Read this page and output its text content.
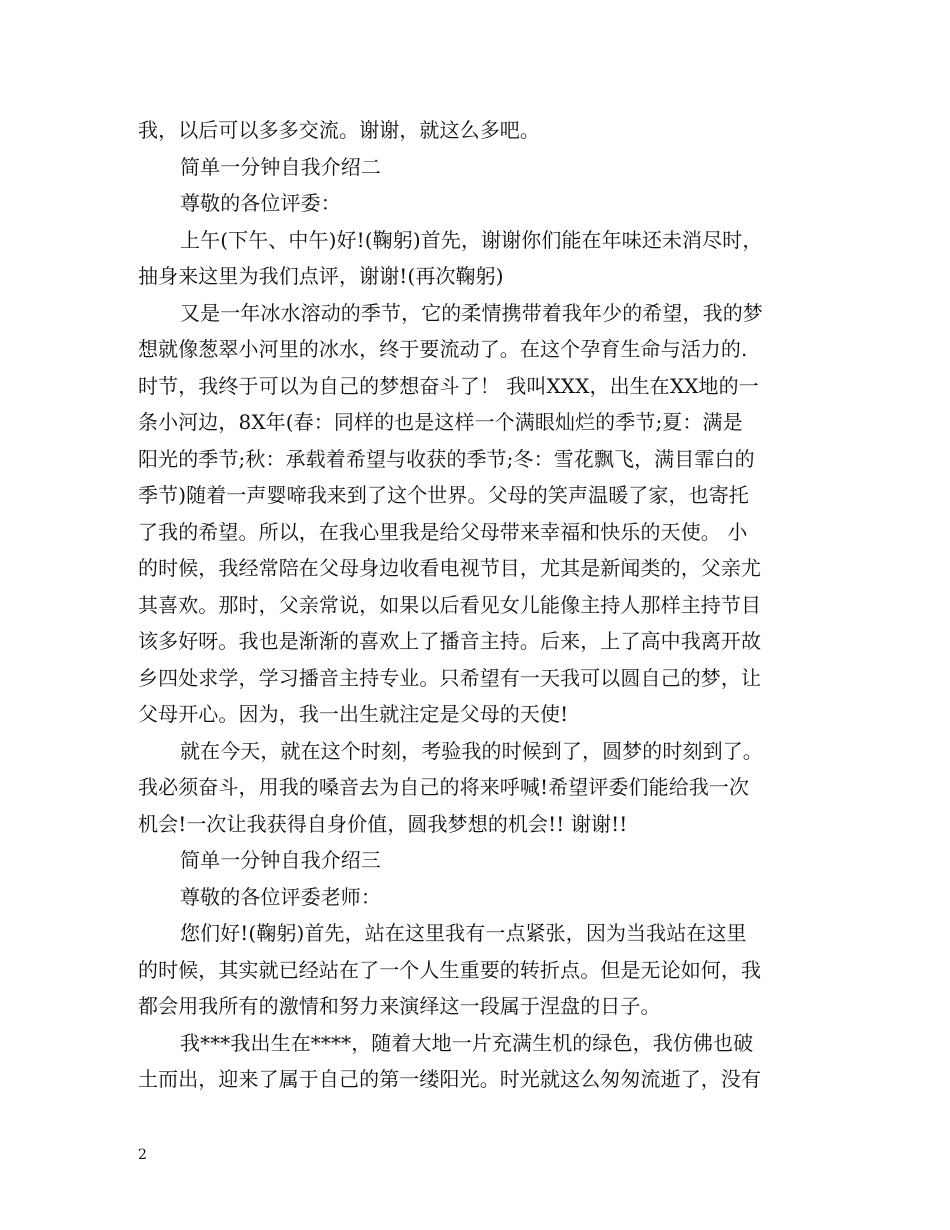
我，以后可以多多交流。谢谢，就这么多吧。
简单一分钟自我介绍二
尊敬的各位评委：
上午(下午、中午)好!(鞠躬)首先，谢谢你们能在年味还未消尽时，
抽身来这里为我们点评，谢谢!(再次鞠躬)
又是一年冰水溶动的季节，它的柔情携带着我年少的希望，我的梦
想就像葱翠小河里的冰水，终于要流动了。在这个孕育生命与活力的.
时节，我终于可以为自己的梦想奋斗了！ 我叫XXX，出生在XX地的一
条小河边，8X年(春：同样的也是这样一个满眼灿烂的季节;夏：满是
阳光的季节;秋：承载着希望与收获的季节;冬：雪花飘飞，满目霏白的
季节)随着一声婴啼我来到了这个世界。父母的笑声温暖了家，也寄托
了我的希望。所以，在我心里我是给父母带来幸福和快乐的天使。 小
的时候，我经常陪在父母身边收看电视节目，尤其是新闻类的，父亲尤
其喜欢。那时，父亲常说，如果以后看见女儿能像主持人那样主持节目
该多好呀。我也是渐渐的喜欢上了播音主持。后来，上了高中我离开故
乡四处求学，学习播音主持专业。只希望有一天我可以圆自己的梦，让
父母开心。因为，我一出生就注定是父母的天使!
就在今天，就在这个时刻，考验我的时候到了，圆梦的时刻到了。
我必须奋斗，用我的嗓音去为自己的将来呼喊!希望评委们能给我一次
机会!一次让我获得自身价值，圆我梦想的机会!! 谢谢!!
简单一分钟自我介绍三
尊敬的各位评委老师：
您们好!(鞠躬)首先，站在这里我有一点紧张，因为当我站在这里
的时候，其实就已经站在了一个人生重要的转折点。但是无论如何，我
都会用我所有的激情和努力来演绎这一段属于涅盘的日子。
我***我出生在****，随着大地一片充满生机的绿色，我仿佛也破
土而出，迎来了属于自己的第一缕阳光。时光就这么匆匆流逝了，没有
2
